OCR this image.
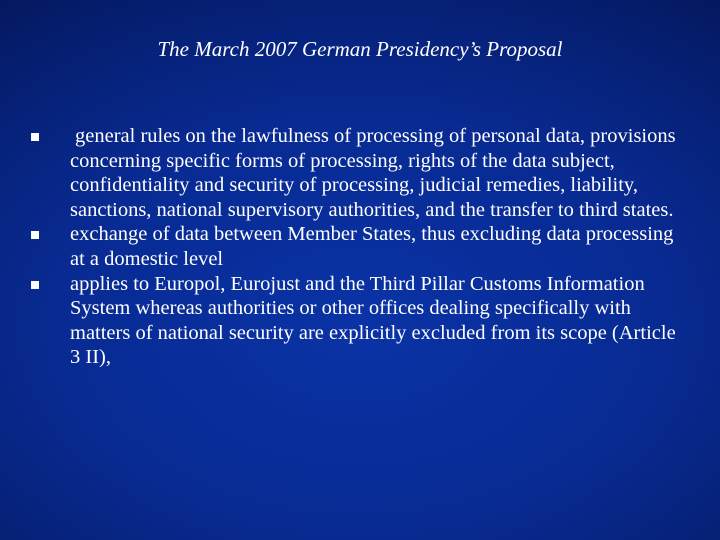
The March 2007 German Presidency’s Proposal
general rules on the lawfulness of processing of personal data, provisions concerning specific forms of processing, rights of the data subject, confidentiality and security of processing, judicial remedies, liability, sanctions, national supervisory authorities, and the transfer to third states.
exchange of data between Member States, thus excluding data processing at a domestic level
applies to Europol, Eurojust and the Third Pillar Customs Information System whereas authorities or other offices dealing specifically with matters of national security are explicitly excluded from its scope (Article 3 II),
